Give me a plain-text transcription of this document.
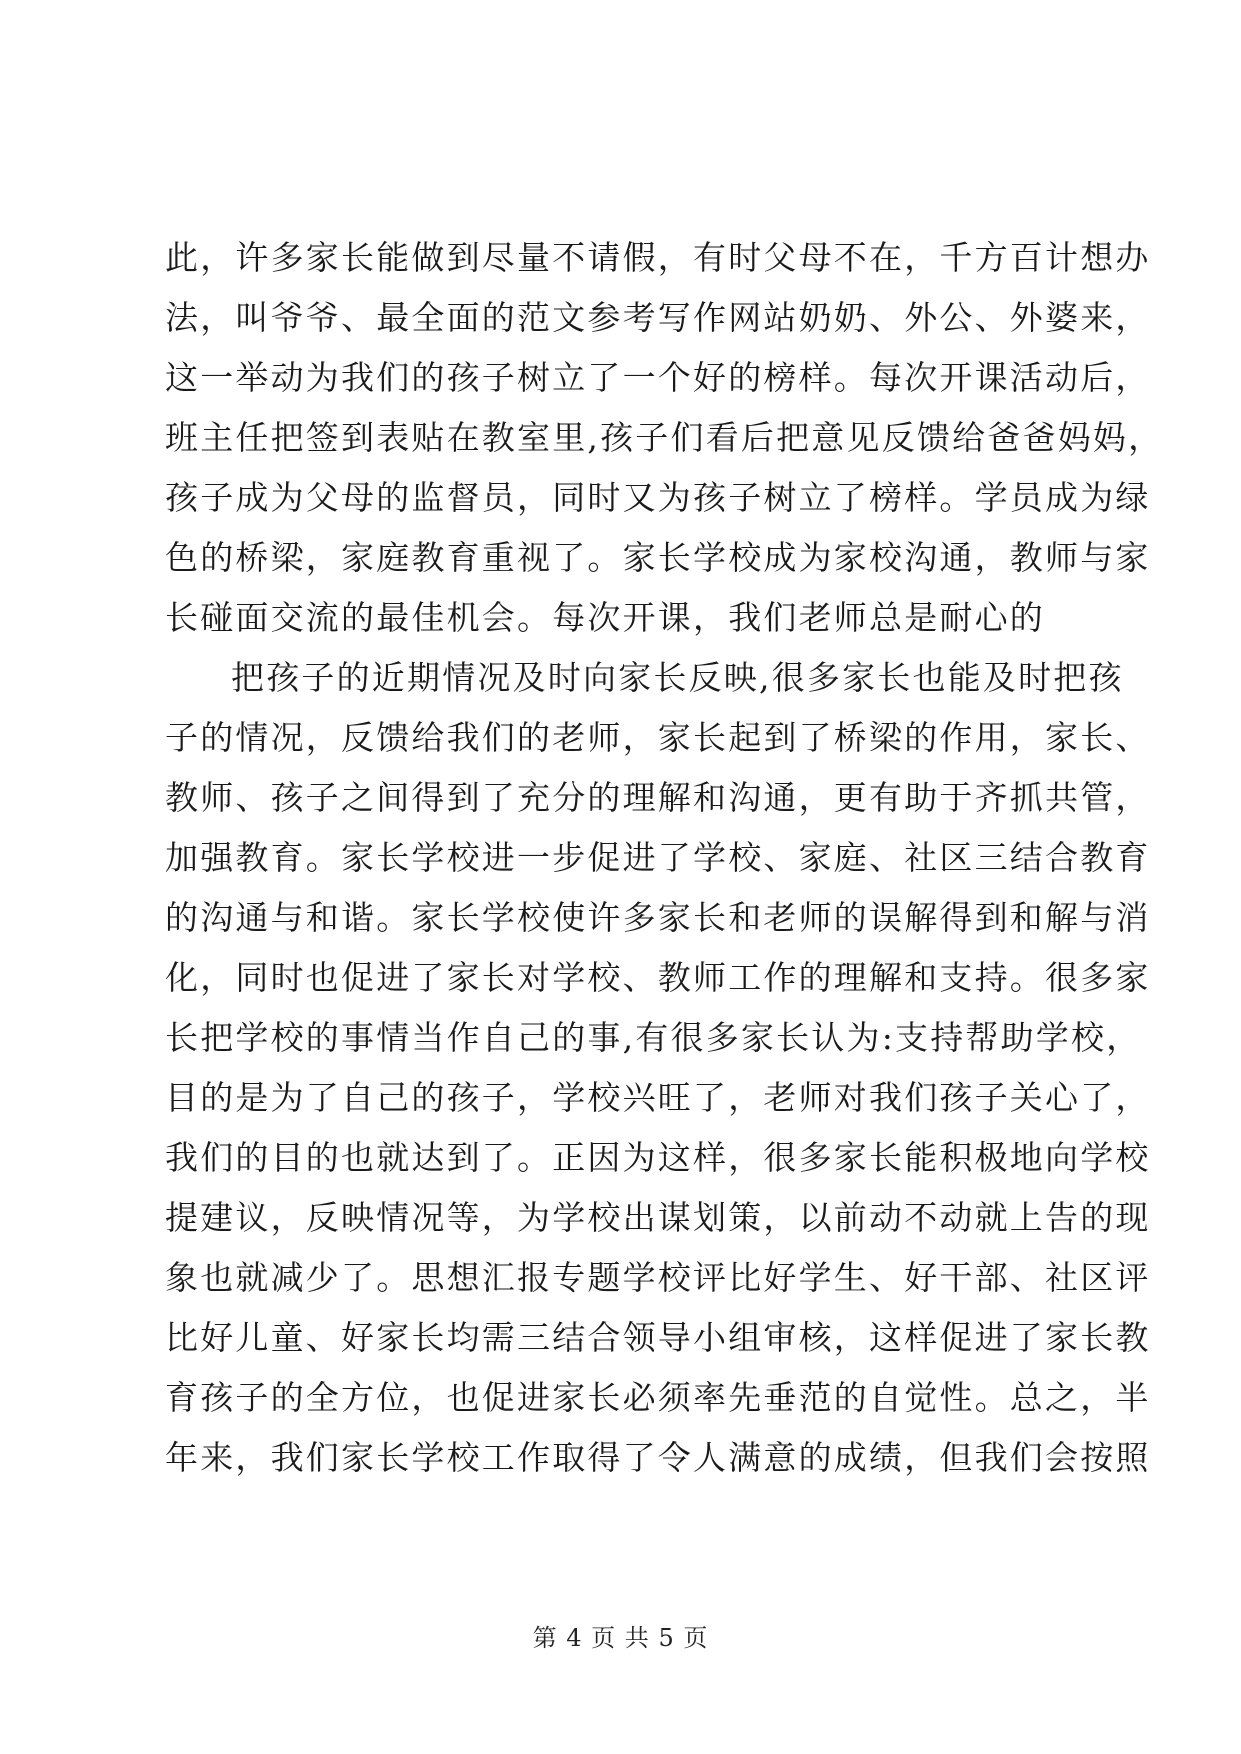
此，许多家长能做到尽量不请假，有时父母不在，千方百计想办
法，叫爷爷、最全面的范文参考写作网站奶奶、外公、外婆来，
这一举动为我们的孩子树立了一个好的榜样。每次开课活动后，
班主任把签到表贴在教室里,孩子们看后把意见反馈给爸爸妈妈，
孩子成为父母的监督员，同时又为孩子树立了榜样。学员成为绿
色的桥梁，家庭教育重视了。家长学校成为家校沟通，教师与家
长碰面交流的最佳机会。每次开课，我们老师总是耐心的
把孩子的近期情况及时向家长反映,很多家长也能及时把孩
子的情况，反馈给我们的老师，家长起到了桥梁的作用，家长、
教师、孩子之间得到了充分的理解和沟通，更有助于齐抓共管，
加强教育。家长学校进一步促进了学校、家庭、社区三结合教育
的沟通与和谐。家长学校使许多家长和老师的误解得到和解与消
化，同时也促进了家长对学校、教师工作的理解和支持。很多家
长把学校的事情当作自己的事,有很多家长认为:支持帮助学校，
目的是为了自己的孩子，学校兴旺了，老师对我们孩子关心了，
我们的目的也就达到了。正因为这样，很多家长能积极地向学校
提建议，反映情况等，为学校出谋划策，以前动不动就上告的现
象也就减少了。思想汇报专题学校评比好学生、好干部、社区评
比好儿童、好家长均需三结合领导小组审核，这样促进了家长教
育孩子的全方位，也促进家长必须率先垂范的自觉性。总之，半
年来，我们家长学校工作取得了令人满意的成绩，但我们会按照
第 4 页 共 5 页
